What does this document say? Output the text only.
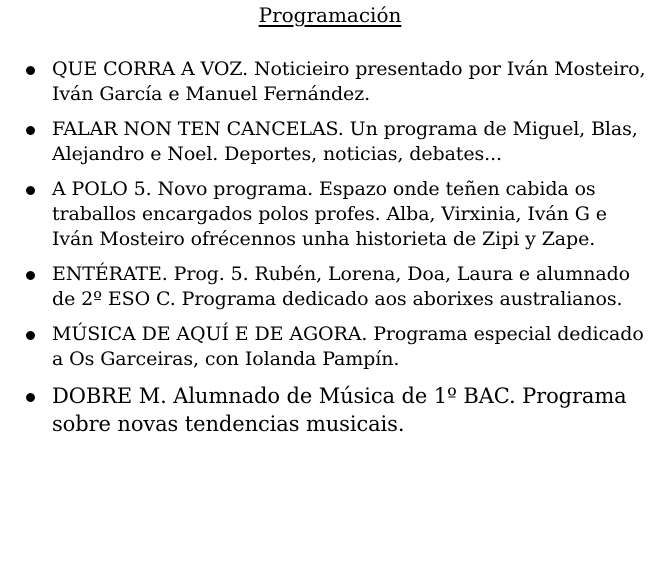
Programación
QUE CORRA A VOZ. Noticieiro presentado por Iván Mosteiro, Iván García e Manuel Fernández.
FALAR NON TEN CANCELAS. Un programa de Miguel, Blas, Alejandro e Noel. Deportes, noticias, debates...
A POLO 5. Novo programa. Espazo onde teñen cabida os traballos encargados polos profes. Alba, Virxinia, Iván G e Iván Mosteiro ofrécennos unha historieta de Zipi y Zape.
ENTÉRATE. Prog. 5. Rubén, Lorena, Doa, Laura e alumnado de 2º ESO C. Programa dedicado aos aborixes australianos.
MÚSICA DE AQUÍ E DE AGORA. Programa especial dedicado a Os Garceiras, con Iolanda Pampín.
DOBRE M. Alumnado de Música de 1º BAC. Programa sobre novas tendencias musicais.
